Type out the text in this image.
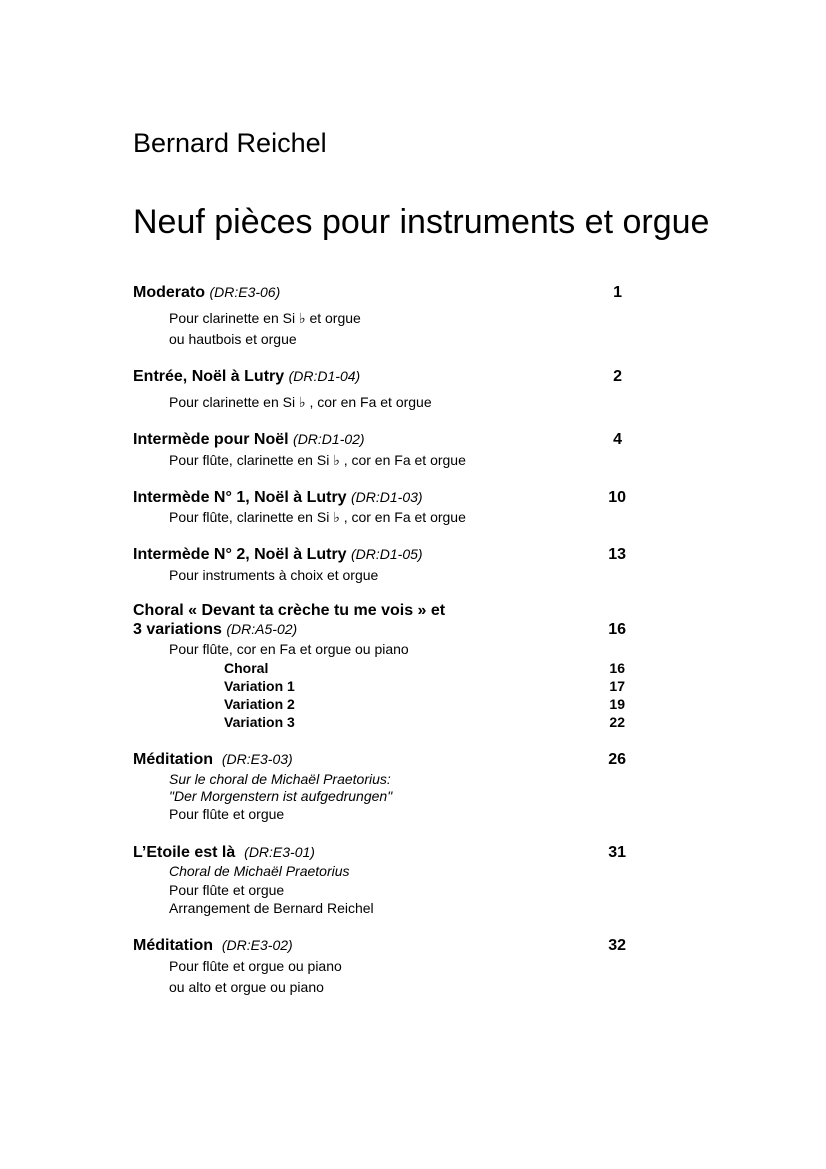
Bernard Reichel
Neuf pièces pour instruments et orgue
Moderato (DR:E3-06)	1
Pour clarinette en Si ♭ et orgue
ou hautbois et orgue
Entrée, Noël à Lutry (DR:D1-04)	2
Pour clarinette en Si ♭ , cor en Fa et orgue
Intermède pour Noël (DR:D1-02)	4
Pour flûte, clarinette en Si ♭ , cor en Fa et orgue
Intermède N° 1, Noël à Lutry (DR:D1-03)	10
Pour flûte, clarinette en Si ♭ , cor en Fa et orgue
Intermède N° 2, Noël à Lutry (DR:D1-05)	13
Pour instruments à choix et orgue
Choral « Devant ta crèche tu me vois » et
3 variations (DR:A5-02)	16
Pour flûte, cor en Fa et orgue ou piano
Choral	16
Variation 1	17
Variation 2	19
Variation 3	22
Méditation (DR:E3-03)	26
Sur le choral de Michaël Praetorius:
"Der Morgenstern ist aufgedrungen"
Pour flûte et orgue
L’Etoile est là (DR:E3-01)	31
Choral de Michaël Praetorius
Pour flûte et orgue
Arrangement de Bernard Reichel
Méditation (DR:E3-02)	32
Pour flûte et orgue ou piano
ou alto et orgue ou piano
